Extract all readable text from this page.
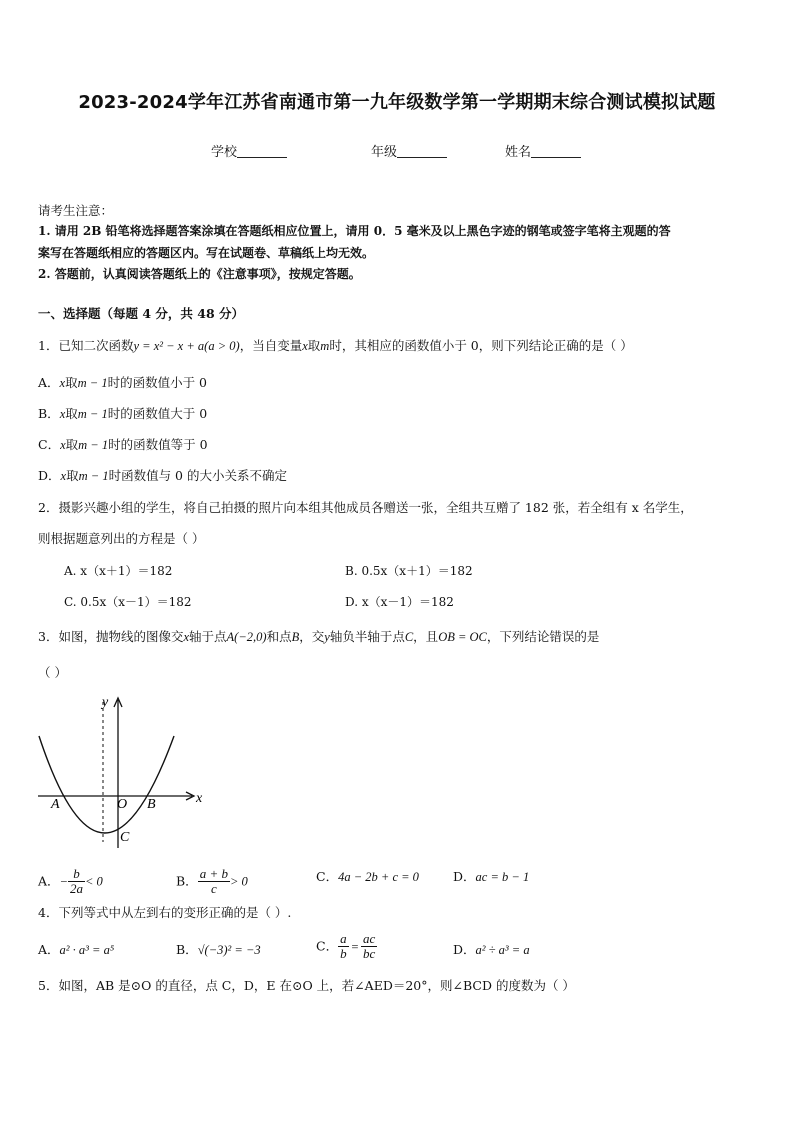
2023-2024学年江苏省南通市第一九年级数学第一学期期末综合测试模拟试题
学校	年级	姓名
请考生注意：
1. 请用 2B 铅笔将选择题答案涂填在答题纸相应位置上，请用 0．5 毫米及以上黑色字迹的钢笔或签字笔将主观题的答
案写在答题纸相应的答题区内。写在试题卷、草稿纸上均无效。
2. 答题前，认真阅读答题纸上的《注意事项》，按规定答题。
一、选择题（每题 4 分，共 48 分）
1．已知二次函数y = x² − x + a(a > 0)，当自变量x取m时，其相应的函数值小于 0，则下列结论正确的是（ ）
A．x取m − 1时的函数值小于 0
B．x取m − 1时的函数值大于 0
C．x取m − 1时的函数值等于 0
D．x取m − 1时函数值与 0 的大小关系不确定
2．摄影兴趣小组的学生，将自己拍摄的照片向本组其他成员各赠送一张，全组共互赠了 182 张，若全组有 x 名学生，
则根据题意列出的方程是（ ）
A. x（x＋1）＝182	B. 0.5x（x＋1）＝182
C. 0.5x（x－1）＝182	D. x（x－1）＝182
3．如图，抛物线的图像交x轴于点A(−2,0)和点B，交y轴负半轴于点C，且OB = OC，下列结论错误的是
（ ）
y
x
A	O B
C
A．− $\frac{b}{2a} < 0$	B． $\frac{a + b}{c} > 0$	C．4a − 2b + c = 0	D．ac = b − 1
4．下列等式中从左到右的变形正确的是（ ）.
A．a² · a³ = a⁵	B．√(−3)² = −3	C． $\frac{a}{b} = \frac{ac}{bc}$	D．a² ÷ a³ = a
5．如图，AB 是⊙O 的直径，点 C，D，E 在⊙O 上，若∠AED＝20°，则∠BCD 的度数为（ ）
